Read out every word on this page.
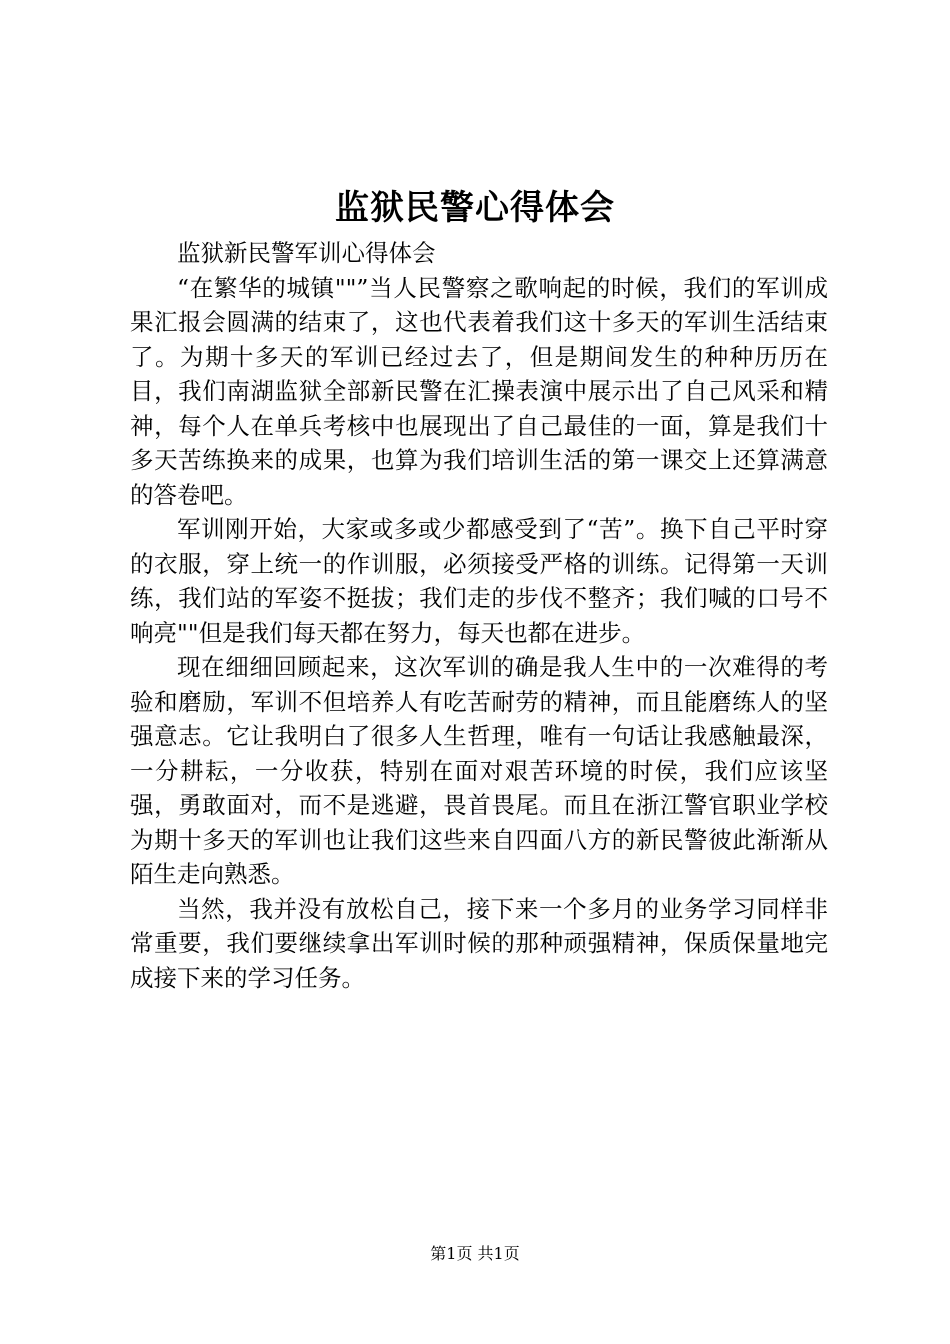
监狱民警心得体会

监狱新民警军训心得体会

“在繁华的城镇""”当人民警察之歌响起的时候，我们的军训成果汇报会圆满的结束了，这也代表着我们这十多天的军训生活结束了。为期十多天的军训已经过去了，但是期间发生的种种历历在目，我们南湖监狱全部新民警在汇操表演中展示出了自己风采和精神，每个人在单兵考核中也展现出了自己最佳的一面，算是我们十多天苦练换来的成果，也算为我们培训生活的第一课交上还算满意的答卷吧。

军训刚开始，大家或多或少都感受到了“苦”。换下自己平时穿的衣服，穿上统一的作训服，必须接受严格的训练。记得第一天训练，我们站的军姿不挺拔；我们走的步伐不整齐；我们喊的口号不响亮""但是我们每天都在努力，每天也都在进步。

现在细细回顾起来，这次军训的确是我人生中的一次难得的考验和磨励，军训不但培养人有吃苦耐劳的精神，而且能磨练人的坚强意志。它让我明白了很多人生哲理，唯有一句话让我感触最深，一分耕耘，一分收获，特别在面对艰苦环境的时侯，我们应该坚强，勇敢面对，而不是逃避，畏首畏尾。而且在浙江警官职业学校为期十多天的军训也让我们这些来自四面八方的新民警彼此渐渐从陌生走向熟悉。

当然，我并没有放松自己，接下来一个多月的业务学习同样非常重要，我们要继续拿出军训时候的那种顽强精神，保质保量地完成接下来的学习任务。

第1页 共1页
